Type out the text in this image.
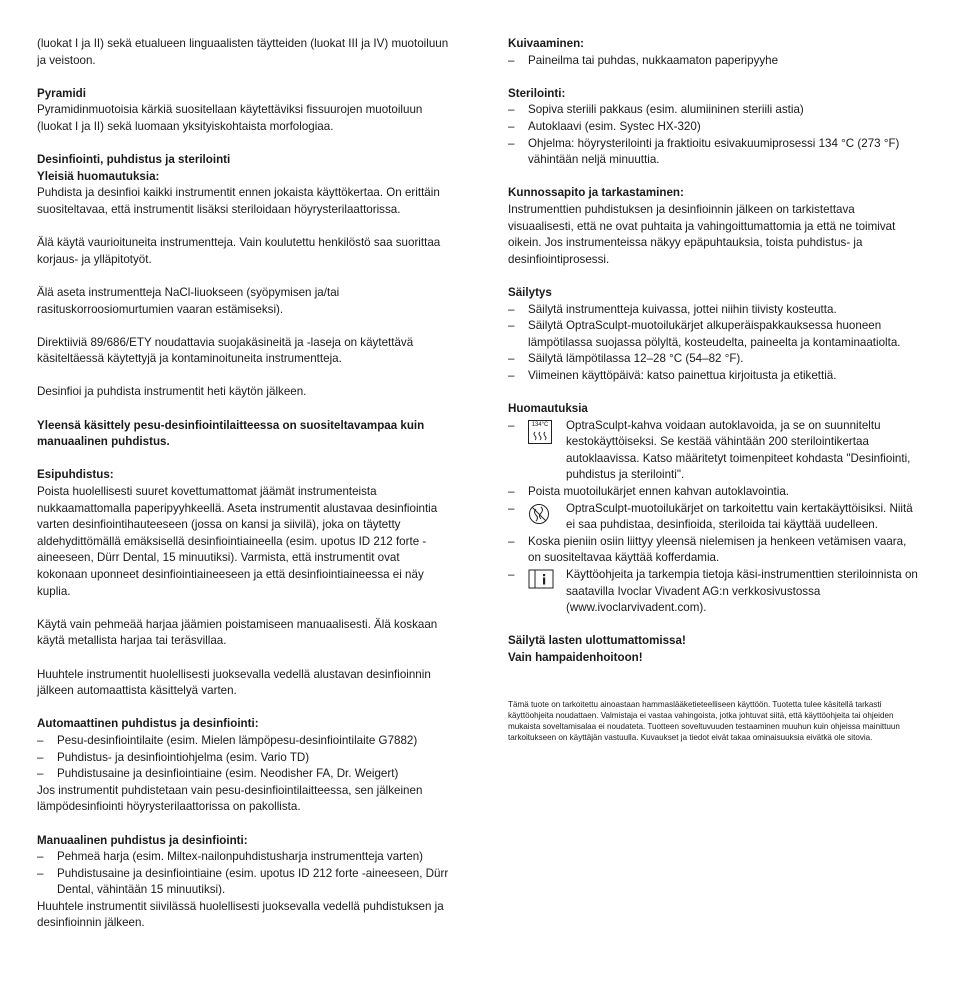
(luokat I ja II) sekä etualueen linguaalisten täytteiden (luokat III ja IV) muotoiluun ja veistoon.

Pyramidi

Pyramidinmuotoisia kärkiä suositellaan käytettäviksi fissuurojen muotoiluun (luokat I ja II) sekä luomaan yksityiskohtaista morfologiaa.

Desinfiointi, puhdistus ja sterilointi

Yleisiä huomautuksia:

Puhdista ja desinfioi kaikki instrumentit ennen jokaista käyttökertaa. On erittäin suositeltavaa, että instrumentit lisäksi steriloidaan höyrysterilaattorissa.

Älä käytä vaurioituneita instrumentteja. Vain koulutettu henkilöstö saa suorittaa korjaus- ja ylläpitotyöt.

Älä aseta instrumentteja NaCl-liuokseen (syöpymisen ja/tai rasituskorroosiomurtumien vaaran estämiseksi).

Direktiiviä 89/686/ETY noudattavia suojakäsineitä ja -laseja on käytettävä käsiteltäessä käytettyjä ja kontaminoituneita instrumentteja.

Desinfioi ja puhdista instrumentit heti käytön jälkeen.

Yleensä käsittely pesu-desinfiointilaitteessa on suositeltavampaa kuin manuaalinen puhdistus.

Esipuhdistus:

Poista huolellisesti suuret kovettumattomat jäämät instrumenteista nukkaamattomalla paperipyyhkeellä. Aseta instrumentit alustavaa desinfiointia varten desinfiointihauteeseen (jossa on kansi ja siivilä), joka on täytetty aldehydittömällä emäksisellä desinfiointiaineella (esim. upotus ID 212 forte -aineeseen, Dürr Dental, 15 minuutiksi). Varmista, että instrumentit ovat kokonaan uponneet desinfiointiaineeseen ja että desinfiointiaineessa ei näy kuplia.

Käytä vain pehmeää harjaa jäämien poistamiseen manuaalisesti. Älä koskaan käytä metallista harjaa tai teräsvillaa.

Huuhtele instrumentit huolellisesti juoksevalla vedellä alustavan desinfioinnin jälkeen automaattista käsittelyä varten.

Automaattinen puhdistus ja desinfiointi:

– Pesu-desinfiointilaite (esim. Mielen lämpöpesu-desinfiointilaite G7882)
– Puhdistus- ja desinfiointiohjelma (esim. Vario TD)
– Puhdistusaine ja desinfiointiaine (esim. Neodisher FA, Dr. Weigert)

Jos instrumentit puhdistetaan vain pesu-desinfiointilaitteessa, sen jälkeinen lämpödesinfiointi höyrysterilaattorissa on pakollista.

Manuaalinen puhdistus ja desinfiointi:

– Pehmeä harja (esim. Miltex-nailonpuhdistusharja instrumentteja varten)
– Puhdistusaine ja desinfiointiaine (esim. upotus ID 212 forte -aineeseen, Dürr Dental, vähintään 15 minuutiksi).

Huuhtele instrumentit siivilässä huolellisesti juoksevalla vedellä puhdistuksen ja desinfioinnin jälkeen.

Kuivaaminen:

– Paineilma tai puhdas, nukkaamaton paperipyyhe

Sterilointi:

– Sopiva steriili pakkaus (esim. alumiininen steriili astia)
– Autoklaavi (esim. Systec HX-320)
– Ohjelma: höyrysterilointi ja fraktioitu esivakuumiprosessi 134 °C (273 °F) vähintään neljä minuuttia.

Kunnossapito ja tarkastaminen:

Instrumenttien puhdistuksen ja desinfioinnin jälkeen on tarkistettava visuaalisesti, että ne ovat puhtaita ja vahingoittumattomia ja että ne toimivat oikein. Jos instrumenteissa näkyy epäpuhtauksia, toista puhdistus- ja desinfiointiprosessi.

Säilytys

– Säilytä instrumentteja kuivassa, jottei niihin tiivisty kosteutta.
– Säilytä OptraSculpt-muotoilukärjet alkuperäispakkauksessa huoneen lämpötilassa suojassa pölyltä, kosteudelta, paineelta ja kontaminaatiolta.
– Säilytä lämpötilassa 12–28 °C (54–82 °F).
– Viimeinen käyttöpäivä: katso painettua kirjoitusta ja etikettiä.

Huomautuksia

– 134°C OptraSculpt-kahva voidaan autoklavoida, ja se on suunniteltu kestokäyttöiseksi. Se kestää vähintään 200 sterilointikertaa autoklaavissa. Katso määritetyt toimenpiteet kohdasta "Desinfiointi, puhdistus ja sterilointi".
– Poista muotoilukärjet ennen kahvan autoklavointia.
– OptraSculpt-muotoilukärjet on tarkoitettu vain kertakäyttöisiksi. Niitä ei saa puhdistaa, desinfioida, steriloida tai käyttää uudelleen.
– Koska pieniin osiin liittyy yleensä nielemisen ja henkeen vetämisen vaara, on suositeltavaa käyttää kofferdamia.
– Käyttöohjeita ja tarkempia tietoja käsi-instrumenttien steriloinnista on saatavilla Ivoclar Vivadent AG:n verkkosivustossa (www.ivoclarvivadent.com).

Säilytä lasten ulottumattomissa!

Vain hampaidenhoitoon!

Tämä tuote on tarkoitettu ainoastaan hammaslääketieteelliseen käyttöön. Tuotetta tulee käsitellä tarkasti käyttöohjeita noudattaen. Valmistaja ei vastaa vahingoista, jotka johtuvat siitä, että käyttöohjeita tai ohjeiden mukaista soveltamisalaa ei noudateta. Tuotteen soveltuvuuden testaaminen muuhun kuin ohjeissa mainittuun tarkoitukseen on käyttäjän vastuulla. Kuvaukset ja tiedot eivät takaa ominaisuuksia eivätkä ole sitovia.
